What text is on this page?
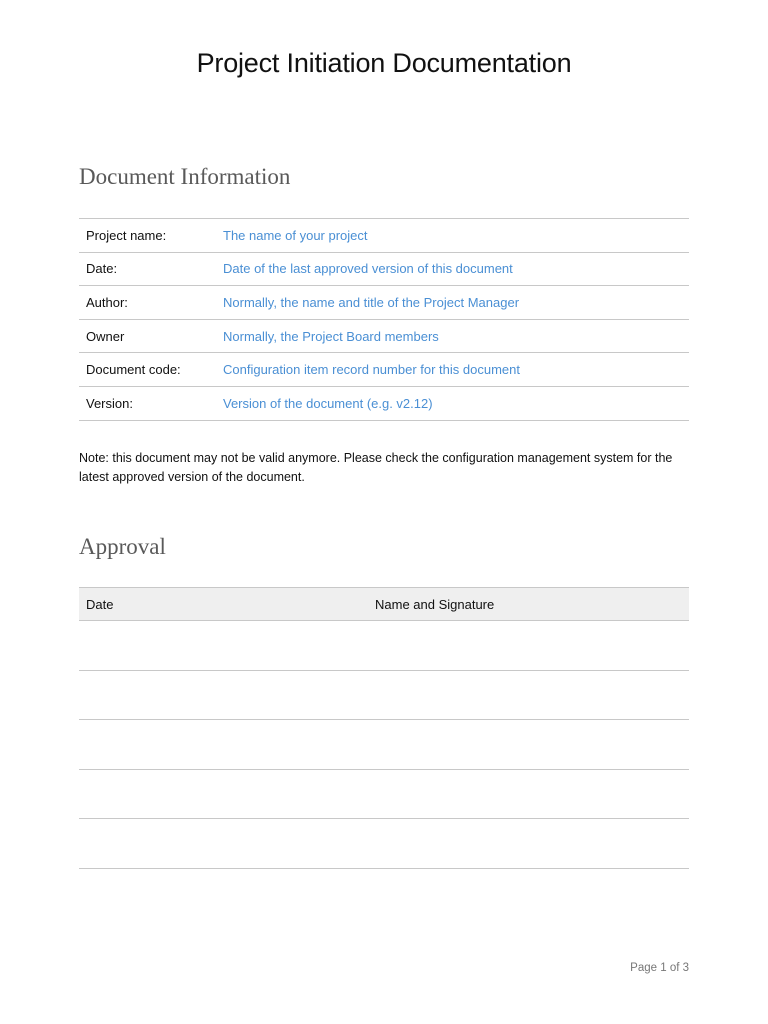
Project Initiation Documentation
Document Information
Project name:	The name of your project
Date:	Date of the last approved version of this document
Author:	Normally, the name and title of the Project Manager
Owner	Normally, the Project Board members
Document code:	Configuration item record number for this document
Version:	Version of the document (e.g. v2.12)
Note: this document may not be valid anymore. Please check the configuration management system for the latest approved version of the document.
Approval
Date	Name and Signature

Page 1 of 3
